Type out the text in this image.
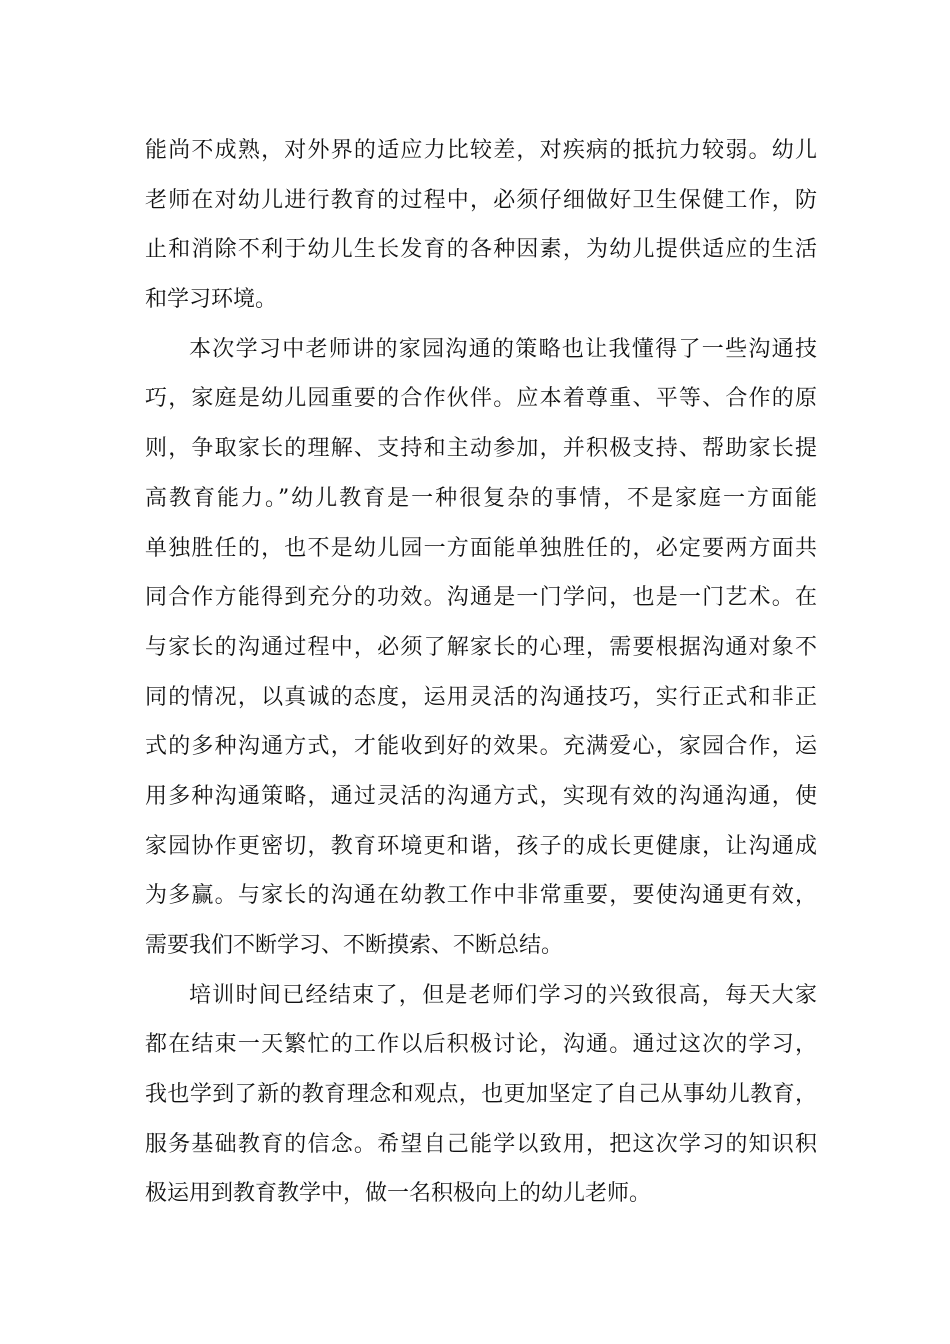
能尚不成熟，对外界的适应力比较差，对疾病的抵抗力较弱。幼儿
老师在对幼儿进行教育的过程中，必须仔细做好卫生保健工作，防
止和消除不利于幼儿生长发育的各种因素，为幼儿提供适应的生活
和学习环境。
本次学习中老师讲的家园沟通的策略也让我懂得了一些沟通技
巧，家庭是幼儿园重要的合作伙伴。应本着尊重、平等、合作的原
则，争取家长的理解、支持和主动参加，并积极支持、帮助家长提
高教育能力。”幼儿教育是一种很复杂的事情，不是家庭一方面能
单独胜任的，也不是幼儿园一方面能单独胜任的，必定要两方面共
同合作方能得到充分的功效。沟通是一门学问，也是一门艺术。在
与家长的沟通过程中，必须了解家长的心理，需要根据沟通对象不
同的情况，以真诚的态度，运用灵活的沟通技巧，实行正式和非正
式的多种沟通方式，才能收到好的效果。充满爱心，家园合作，运
用多种沟通策略，通过灵活的沟通方式，实现有效的沟通沟通，使
家园协作更密切，教育环境更和谐，孩子的成长更健康，让沟通成
为多赢。与家长的沟通在幼教工作中非常重要，要使沟通更有效，
需要我们不断学习、不断摸索、不断总结。
培训时间已经结束了，但是老师们学习的兴致很高，每天大家
都在结束一天繁忙的工作以后积极讨论，沟通。通过这次的学习，
我也学到了新的教育理念和观点，也更加坚定了自己从事幼儿教育，
服务基础教育的信念。希望自己能学以致用，把这次学习的知识积
极运用到教育教学中，做一名积极向上的幼儿老师。
